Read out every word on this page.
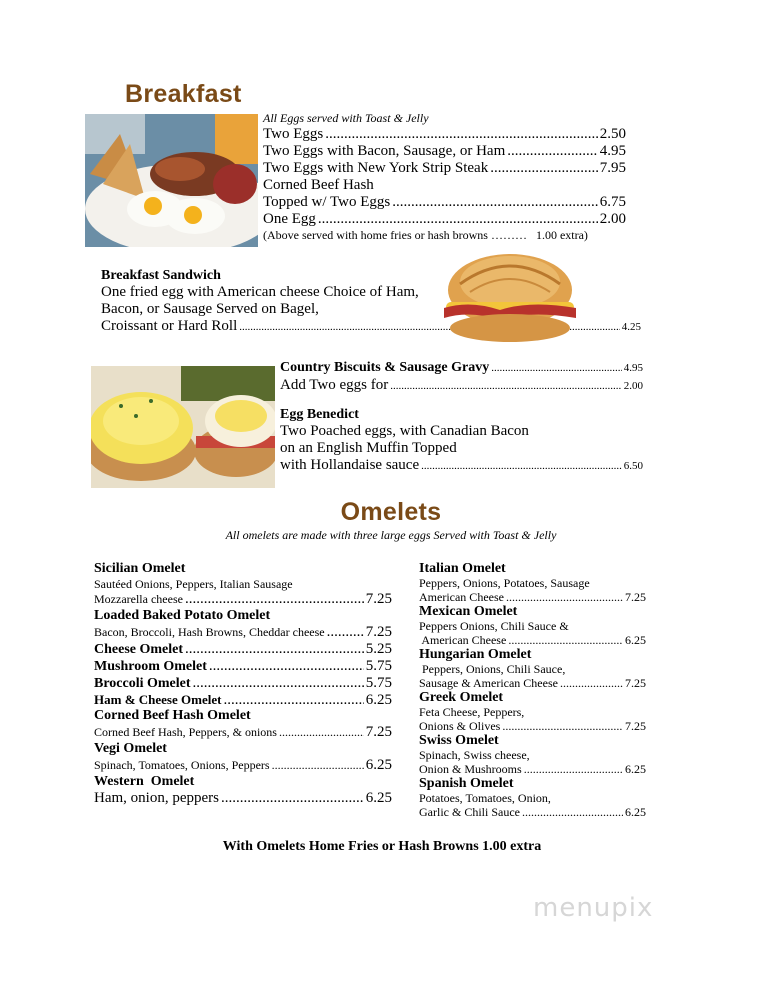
Breakfast
All Eggs served with Toast & Jelly
Two Eggs .....	2.50
Two Eggs with Bacon, Sausage, or Ham .....	4.95
Two Eggs with New York Strip Steak .....	7.95
Corned Beef Hash
Topped w/ Two Eggs .....	6.75
One Egg .....	2.00
(Above served with home fries or hash browns ……… 1.00 extra)
Breakfast Sandwich
One fried egg with American cheese Choice of Ham,
Bacon, or Sausage Served on Bagel,
Croissant or Hard Roll .....	4.25
Country Biscuits & Sausage Gravy .....	4.95
Add Two eggs for .....	2.00
Egg Benedict
Two Poached eggs, with Canadian Bacon
on an English Muffin Topped
with Hollandaise sauce .....	6.50
Omelets
All omelets are made with three large eggs Served with Toast & Jelly
Sicilian Omelet
Sautéed Onions, Peppers, Italian Sausage
Mozzarella cheese .....	7.25
Loaded Baked Potato Omelet
Bacon, Broccoli, Hash Browns, Cheddar cheese .....	7.25
Cheese Omelet .....	5.25
Mushroom Omelet .....	5.75
Broccoli Omelet .....	5.75
Ham & Cheese Omelet .....	6.25
Corned Beef Hash Omelet
Corned Beef Hash, Peppers, & onions .....	7.25
Vegi Omelet
Spinach, Tomatoes, Onions, Peppers .....	6.25
Western  Omelet
Ham, onion, peppers .....	6.25
Italian Omelet
Peppers, Onions, Potatoes, Sausage
American Cheese .....	7.25
Mexican Omelet
Peppers Onions, Chili Sauce &
American Cheese .....	6.25
Hungarian Omelet
Peppers, Onions, Chili Sauce,
Sausage & American Cheese .....	7.25
Greek Omelet
Feta Cheese, Peppers,
Onions & Olives .....	7.25
Swiss Omelet
Spinach, Swiss cheese,
Onion & Mushrooms .....	6.25
Spanish Omelet
Potatoes, Tomatoes, Onion,
Garlic & Chili Sauce .....	6.25
With Omelets Home Fries or Hash Browns 1.00 extra
menupix
